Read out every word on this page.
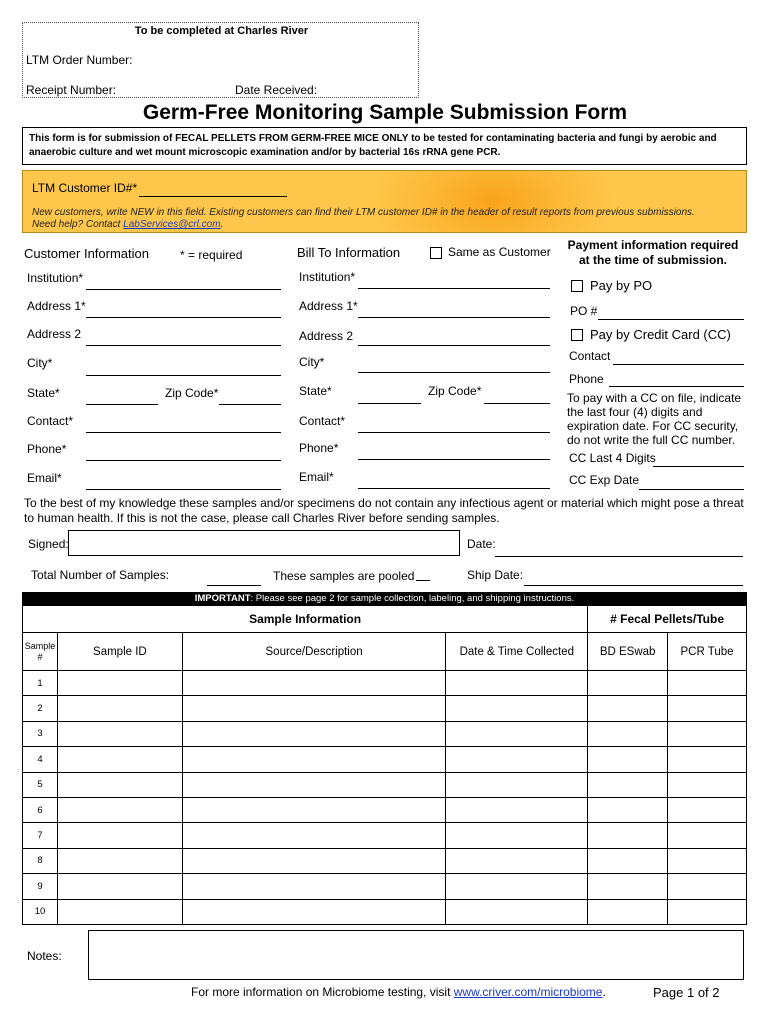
To be completed at Charles River
LTM Order Number:
Receipt Number:	Date Received:
Germ-Free Monitoring Sample Submission Form
This form is for submission of FECAL PELLETS FROM GERM-FREE MICE ONLY to be tested for contaminating bacteria and fungi by aerobic and anaerobic culture and wet mount microscopic examination and/or by bacterial 16s rRNA gene PCR.
LTM Customer ID#*
New customers, write NEW in this field. Existing customers can find their LTM customer ID# in the header of result reports from previous submissions.
Need help? Contact LabServices@crl.com.
Customer Information	* = required
Institution*
Address 1*
Address 2
City*
State*	Zip Code*
Contact*
Phone*
Email*
Bill To Information	Same as Customer
Institution*
Address 1*
Address 2
City*
State*	Zip Code*
Contact*
Phone*
Email*
Payment information required
at the time of submission.
Pay by PO
PO #
Pay by Credit Card (CC)
Contact
Phone
To pay with a CC on file, indicate the last four (4) digits and expiration date. For CC security, do not write the full CC number.
CC Last 4 Digits
CC Exp Date
To the best of my knowledge these samples and/or specimens do not contain any infectious agent or material which might pose a threat to human health. If this is not the case, please call Charles River before sending samples.
Signed:	Date:
Total Number of Samples:	These samples are pooled	Ship Date:
IMPORTANT: Please see page 2 for sample collection, labeling, and shipping instructions.
Sample Information				# Fecal Pellets/Tube	

Sample
#	Sample ID	Source/Description	Date & Time Collected	BD ESwab	PCR Tube
1					
2					
3					
4					
5					
6					
7					
8					
9					
10					
Notes:
For more information on Microbiome testing, visit www.criver.com/microbiome.	Page 1 of 2
